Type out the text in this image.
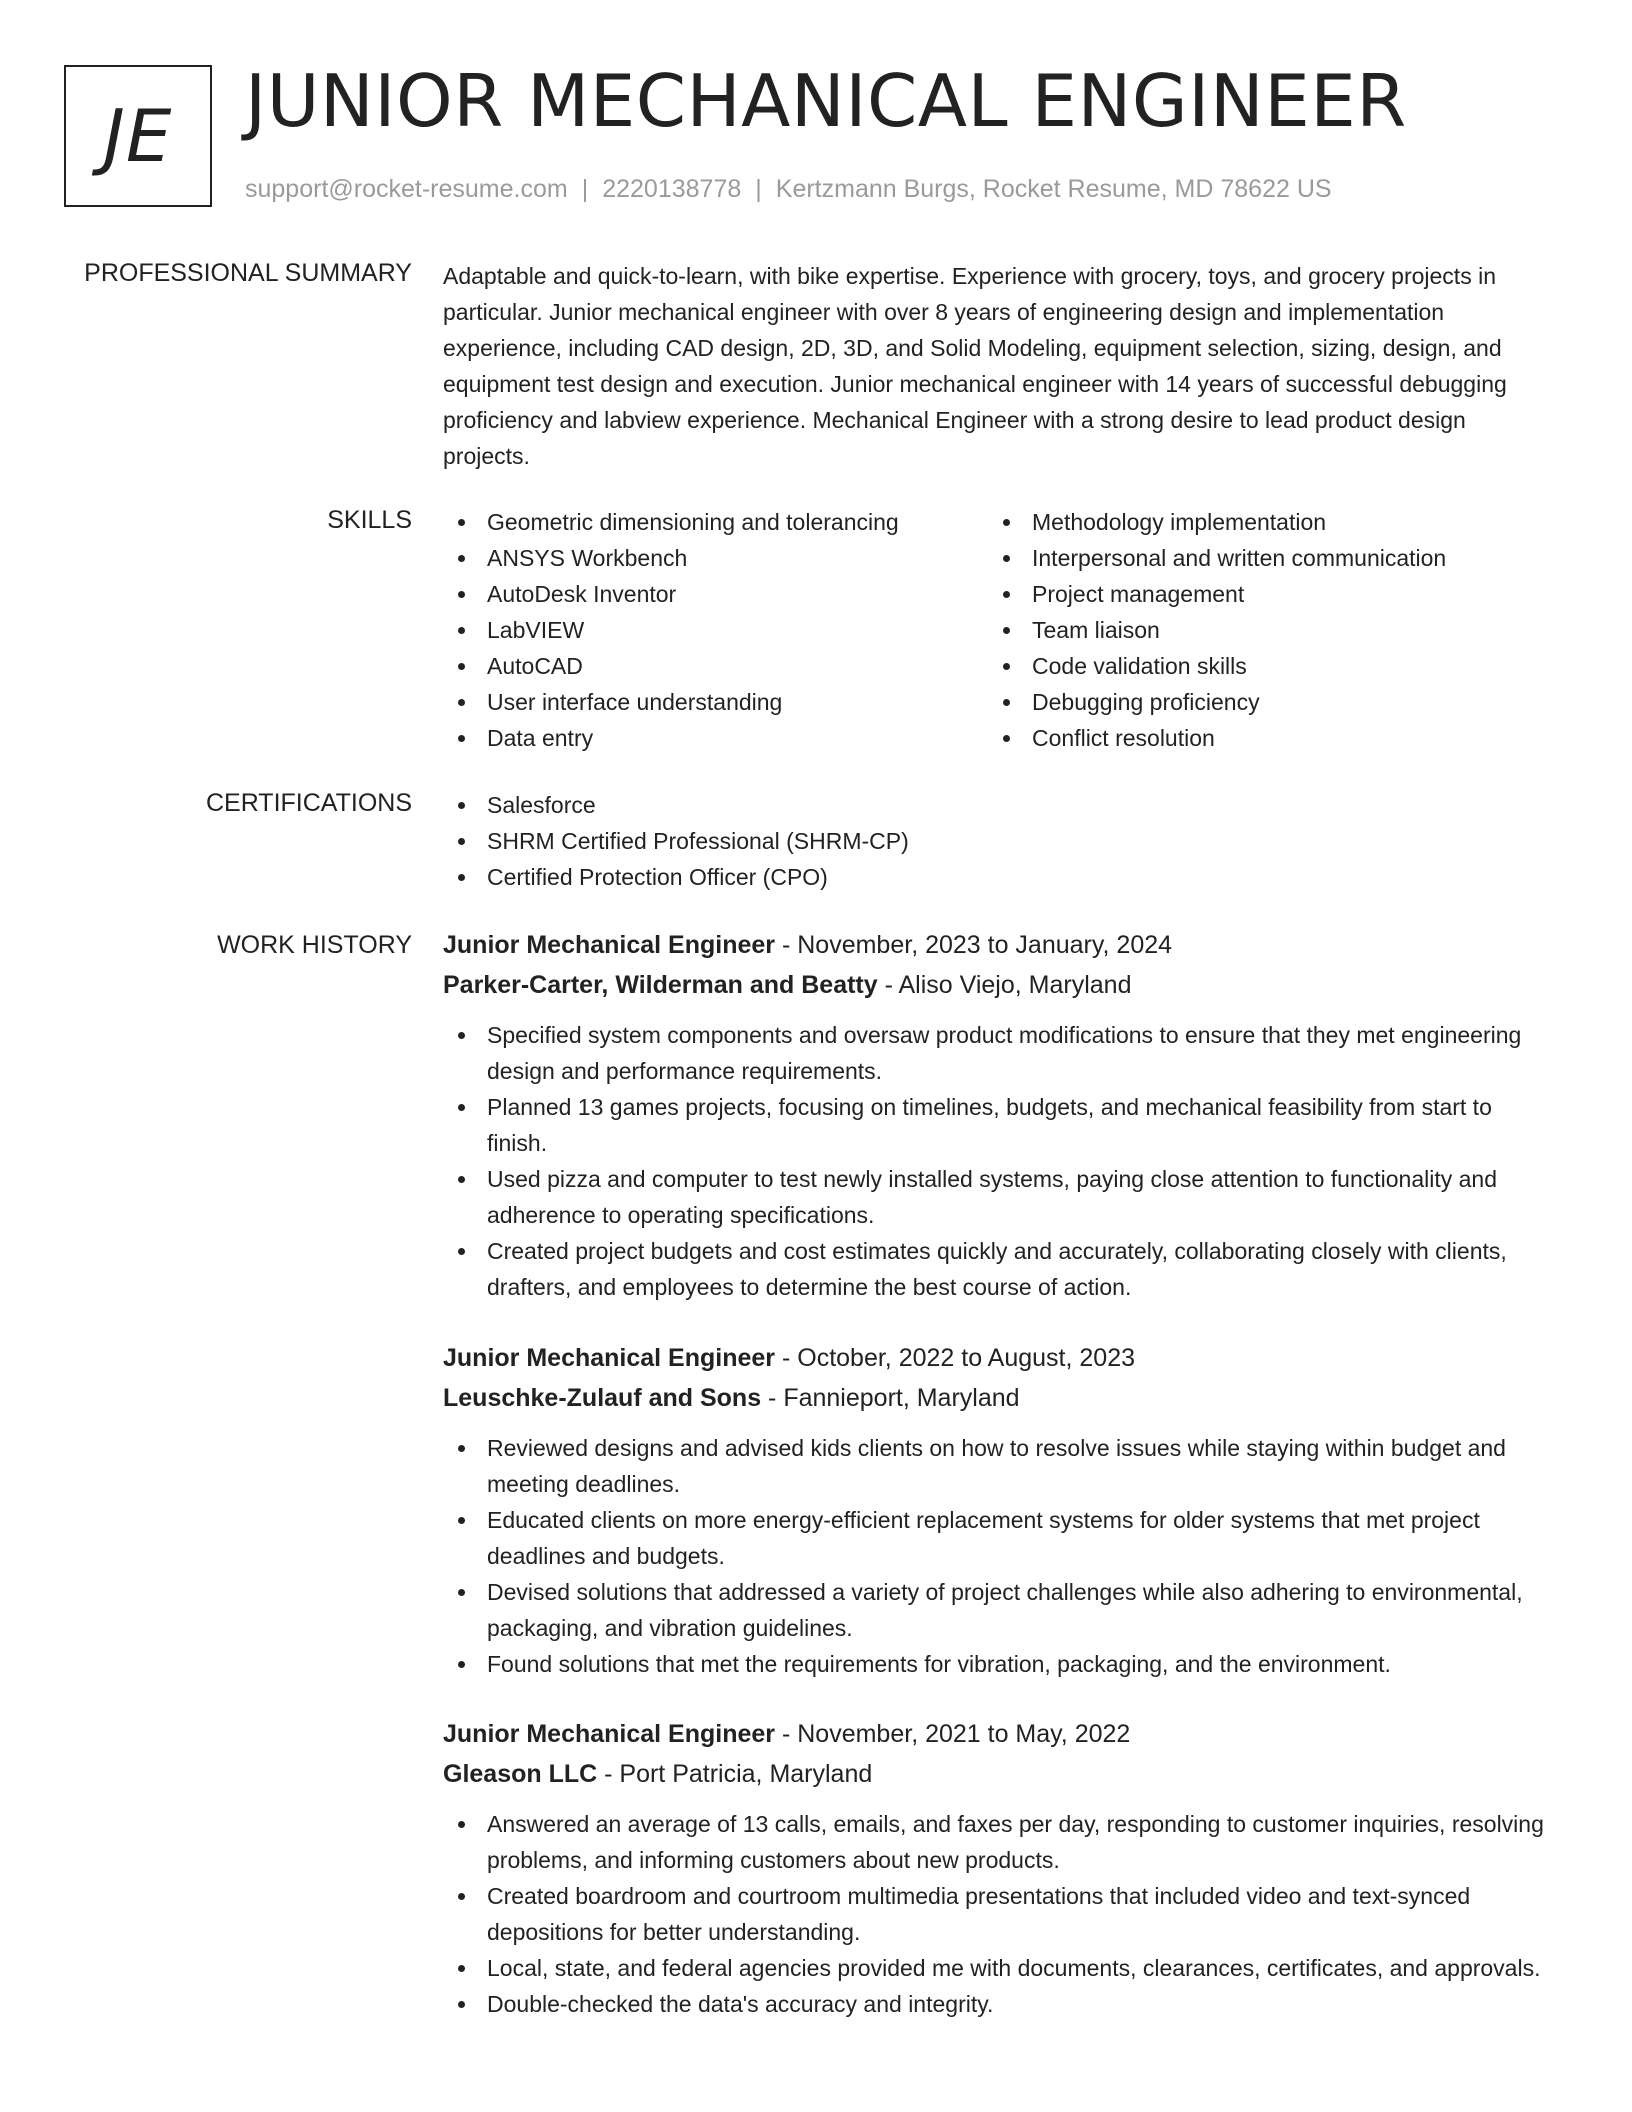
JE JUNIOR MECHANICAL ENGINEER
support@rocket-resume.com | 2220138778 | Kertzmann Burgs, Rocket Resume, MD 78622 US
PROFESSIONAL SUMMARY Adaptable and quick-to-learn, with bike expertise. Experience with grocery, toys, and grocery projects in particular. Junior mechanical engineer with over 8 years of engineering design and implementation experience, including CAD design, 2D, 3D, and Solid Modeling, equipment selection, sizing, design, and equipment test design and execution. Junior mechanical engineer with 14 years of successful debugging proficiency and labview experience. Mechanical Engineer with a strong desire to lead product design projects.

SKILLS	Geometric dimensioning and tolerancing
ANSYS Workbench
AutoDesk Inventor
LabVIEW
AutoCAD
User interface understanding
Data entry
Methodology implementation
Interpersonal and written communication
Project management
Team liaison
Code validation skills
Debugging proficiency
Conflict resolution
CERTIFICATIONS	Salesforce
SHRM Certified Professional (SHRM-CP)
Certified Protection Officer (CPO)
WORK HISTORY Junior Mechanical Engineer - November, 2023 to January, 2024
Parker-Carter, Wilderman and Beatty - Aliso Viejo, Maryland
Specified system components and oversaw product modifications to ensure that they met engineering design and performance requirements.
Planned 13 games projects, focusing on timelines, budgets, and mechanical feasibility from start to finish.
Used pizza and computer to test newly installed systems, paying close attention to functionality and adherence to operating specifications.
Created project budgets and cost estimates quickly and accurately, collaborating closely with clients, drafters, and employees to determine the best course of action.
Junior Mechanical Engineer - October, 2022 to August, 2023
Leuschke-Zulauf and Sons - Fannieport, Maryland
Reviewed designs and advised kids clients on how to resolve issues while staying within budget and meeting deadlines.
Educated clients on more energy-efficient replacement systems for older systems that met project deadlines and budgets.
Devised solutions that addressed a variety of project challenges while also adhering to environmental, packaging, and vibration guidelines.
Found solutions that met the requirements for vibration, packaging, and the environment.
Junior Mechanical Engineer - November, 2021 to May, 2022
Gleason LLC - Port Patricia, Maryland
Answered an average of 13 calls, emails, and faxes per day, responding to customer inquiries, resolving problems, and informing customers about new products.
Created boardroom and courtroom multimedia presentations that included video and text-synced depositions for better understanding.
Local, state, and federal agencies provided me with documents, clearances, certificates, and approvals.
Double-checked the data's accuracy and integrity.
